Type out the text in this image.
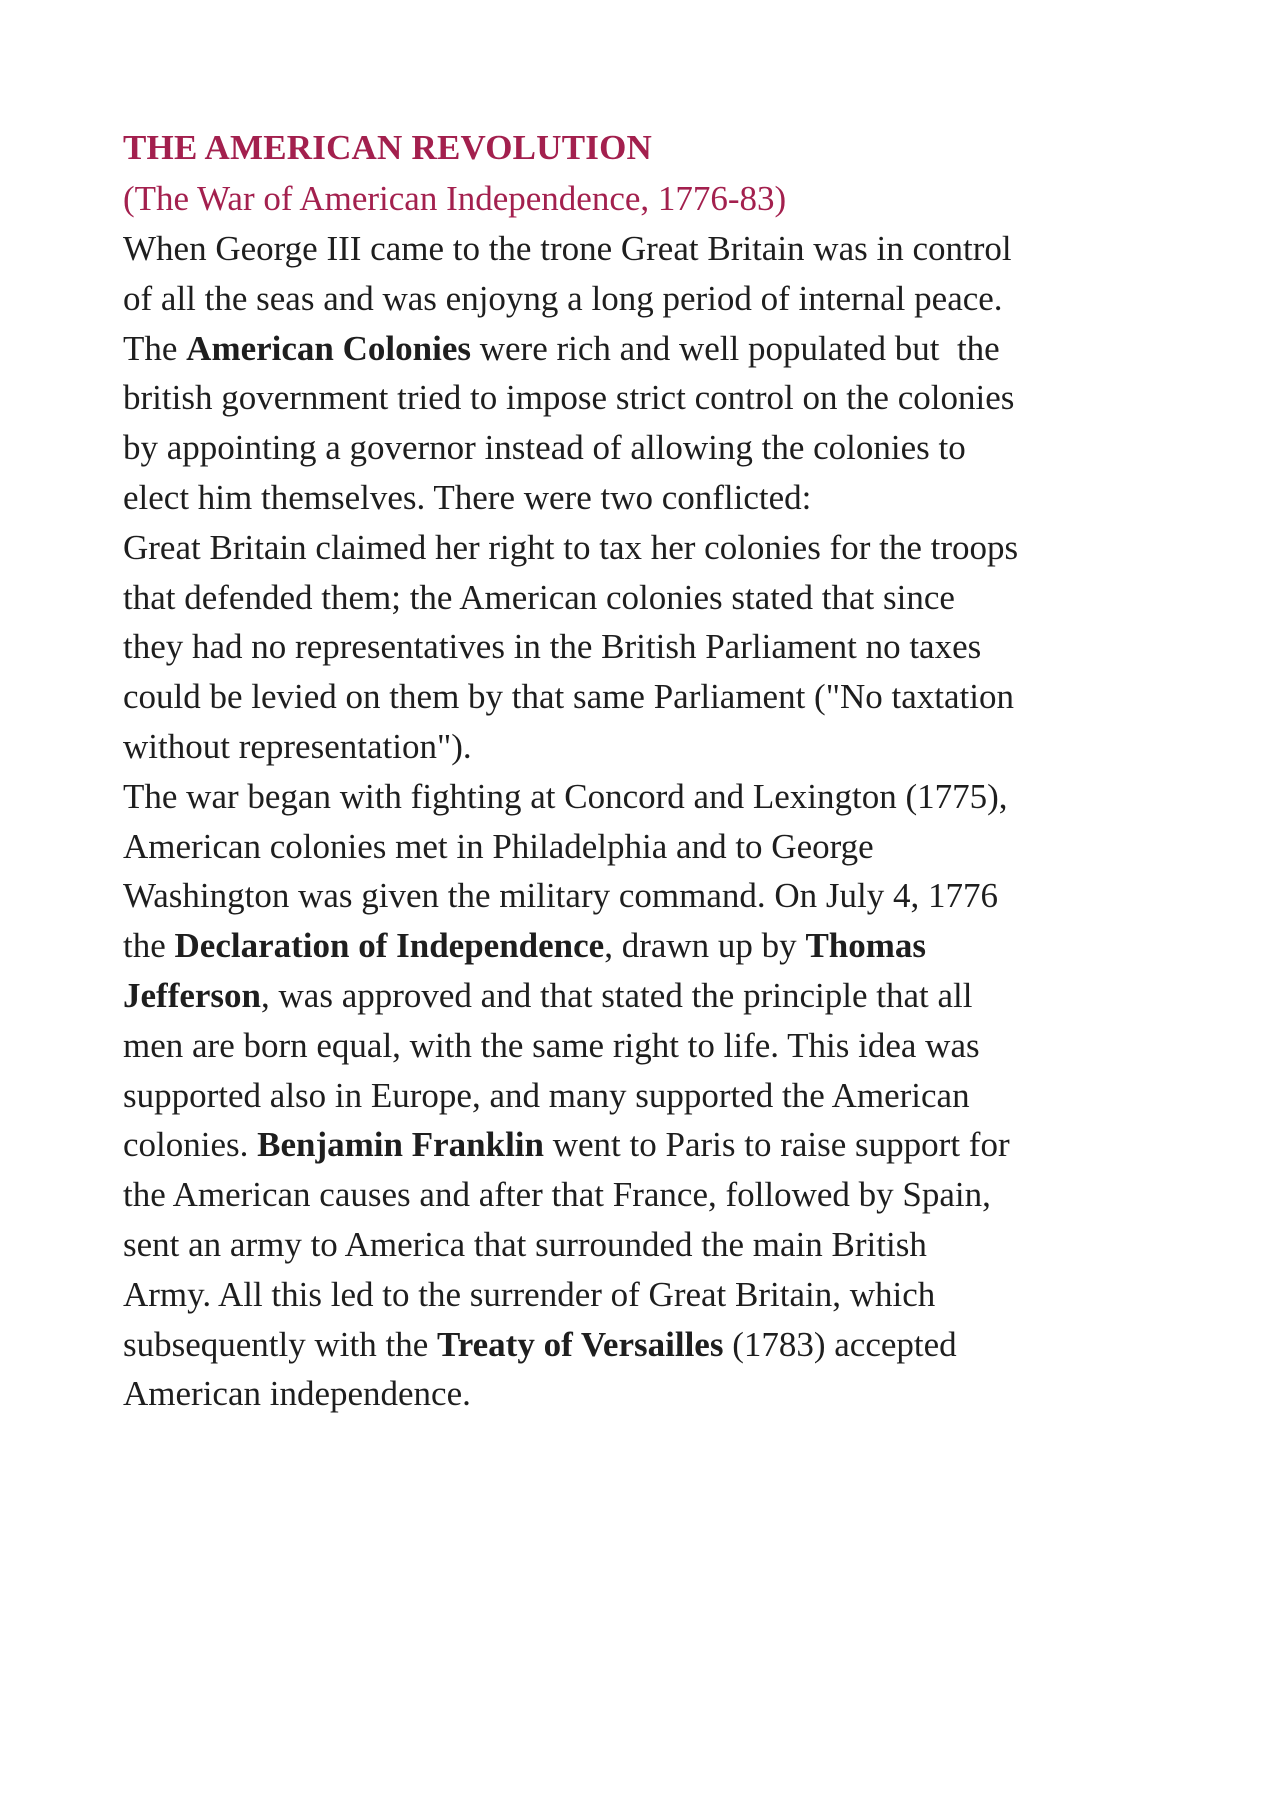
THE AMERICAN REVOLUTION

(The War of American Independence, 1776-83)

When George III came to the trone Great Britain was in control
of all the seas and was enjoyng a long period of internal peace.
The American Colonies were rich and well populated but  the
british government tried to impose strict control on the colonies
by appointing a governor instead of allowing the colonies to
elect him themselves. There were two conflicted:
Great Britain claimed her right to tax her colonies for the troops
that defended them; the American colonies stated that since
they had no representatives in the British Parliament no taxes
could be levied on them by that same Parliament ("No taxtation
without representation").
The war began with fighting at Concord and Lexington (1775),
American colonies met in Philadelphia and to George
Washington was given the military command. On July 4, 1776
the Declaration of Independence, drawn up by Thomas
Jefferson, was approved and that stated the principle that all
men are born equal, with the same right to life. This idea was
supported also in Europe, and many supported the American
colonies. Benjamin Franklin went to Paris to raise support for
the American causes and after that France, followed by Spain,
sent an army to America that surrounded the main British
Army. All this led to the surrender of Great Britain, which
subsequently with the Treaty of Versailles (1783) accepted
American independence.
